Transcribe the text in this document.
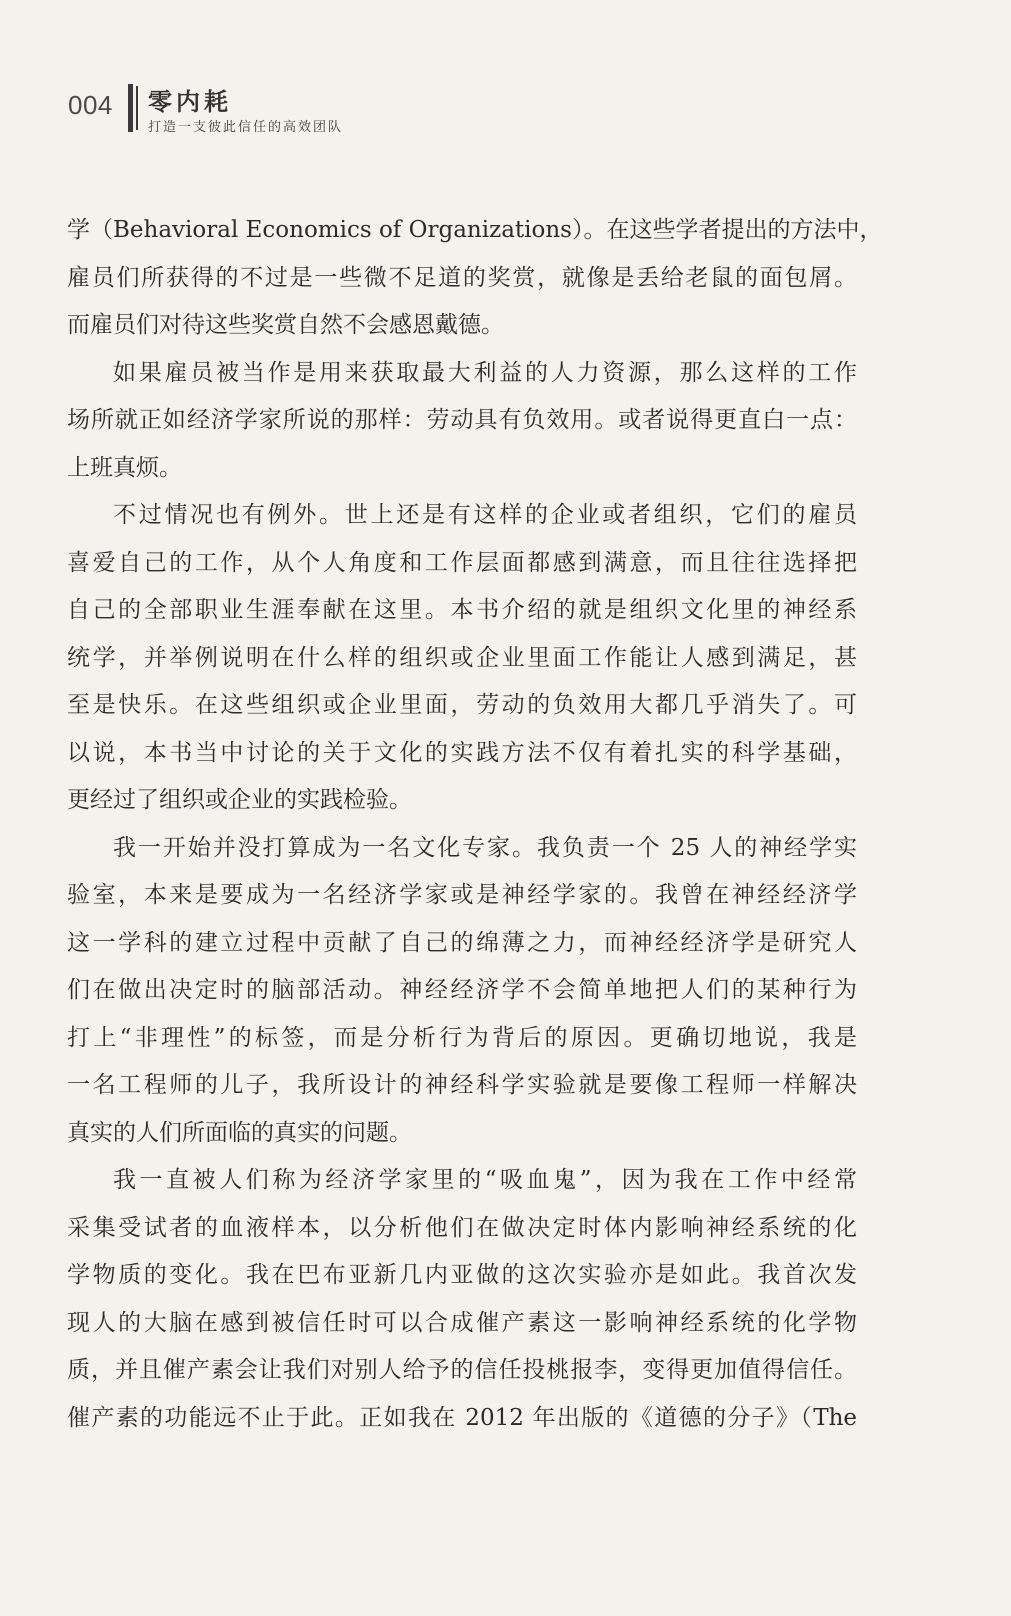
004 零内耗
打造一支彼此信任的高效团队

学（Behavioral Economics of Organizations）。在这些学者提出的方法中，
雇员们所获得的不过是一些微不足道的奖赏，就像是丢给老鼠的面包屑。
而雇员们对待这些奖赏自然不会感恩戴德。

如果雇员被当作是用来获取最大利益的人力资源，那么这样的工作
场所就正如经济学家所说的那样：劳动具有负效用。或者说得更直白一点：
上班真烦。

不过情况也有例外。世上还是有这样的企业或者组织，它们的雇员
喜爱自己的工作，从个人角度和工作层面都感到满意，而且往往选择把
自己的全部职业生涯奉献在这里。本书介绍的就是组织文化里的神经系
统学，并举例说明在什么样的组织或企业里面工作能让人感到满足，甚
至是快乐。在这些组织或企业里面，劳动的负效用大都几乎消失了。可
以说，本书当中讨论的关于文化的实践方法不仅有着扎实的科学基础，
更经过了组织或企业的实践检验。

我一开始并没打算成为一名文化专家。我负责一个 25 人的神经学实
验室，本来是要成为一名经济学家或是神经学家的。我曾在神经经济学
这一学科的建立过程中贡献了自己的绵薄之力，而神经经济学是研究人
们在做出决定时的脑部活动。神经经济学不会简单地把人们的某种行为
打上“非理性”的标签，而是分析行为背后的原因。更确切地说，我是
一名工程师的儿子，我所设计的神经科学实验就是要像工程师一样解决
真实的人们所面临的真实的问题。

我一直被人们称为经济学家里的“吸血鬼”，因为我在工作中经常
采集受试者的血液样本，以分析他们在做决定时体内影响神经系统的化
学物质的变化。我在巴布亚新几内亚做的这次实验亦是如此。我首次发
现人的大脑在感到被信任时可以合成催产素这一影响神经系统的化学物
质，并且催产素会让我们对别人给予的信任投桃报李，变得更加值得信任。
催产素的功能远不止于此。正如我在 2012 年出版的《道德的分子》（The
